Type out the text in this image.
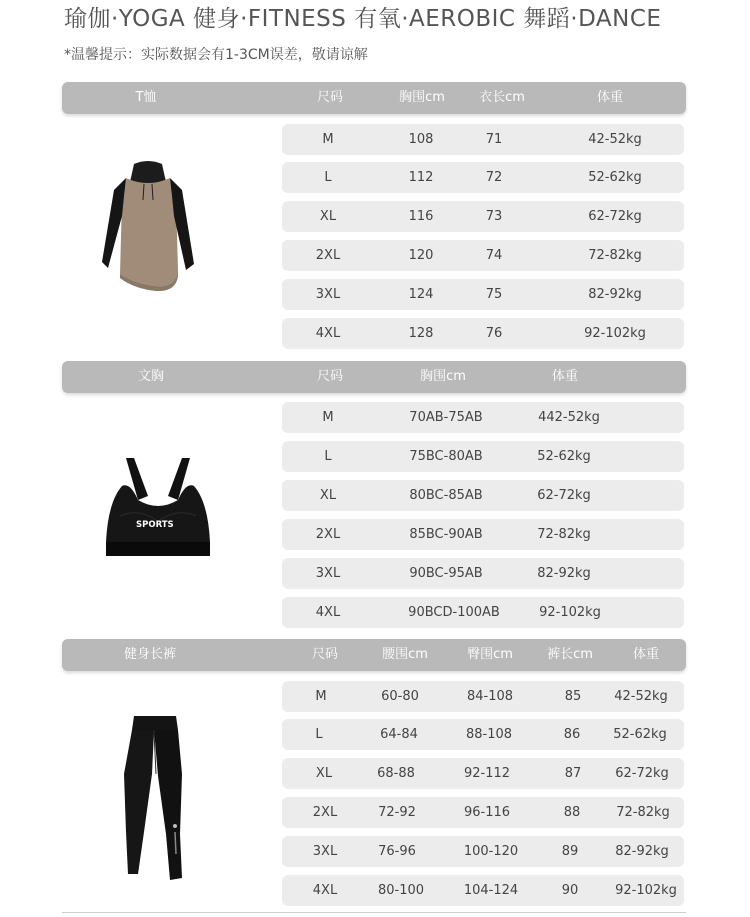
瑜伽·YOGA 健身·FITNESS 有氧·AEROBIC 舞蹈·DANCE
*温馨提示：实际数据会有1-3CM误差，敬请谅解
T恤	尺码	胸围cm	衣长cm	体重
M	108	71	42-52kg
L	112	72	52-62kg
XL	116	73	62-72kg
2XL	120	74	72-82kg
3XL	124	75	82-92kg
4XL	128	76	92-102kg
文胸	尺码	胸围cm	体重
M	70AB-75AB	442-52kg
L	75BC-80AB	52-62kg
XL	80BC-85AB	62-72kg
2XL	85BC-90AB	72-82kg
3XL	90BC-95AB	82-92kg
4XL	90BCD-100AB	92-102kg
SPORTS
健身长裤	尺码	腰围cm	臀围cm	裤长cm	体重
M	60-80	84-108	85	42-52kg
L	64-84	88-108	86	52-62kg
XL	68-88	92-112	87	62-72kg
2XL	72-92	96-116	88	72-82kg
3XL	76-96	100-120	89	82-92kg
4XL	80-100	104-124	90	92-102kg
